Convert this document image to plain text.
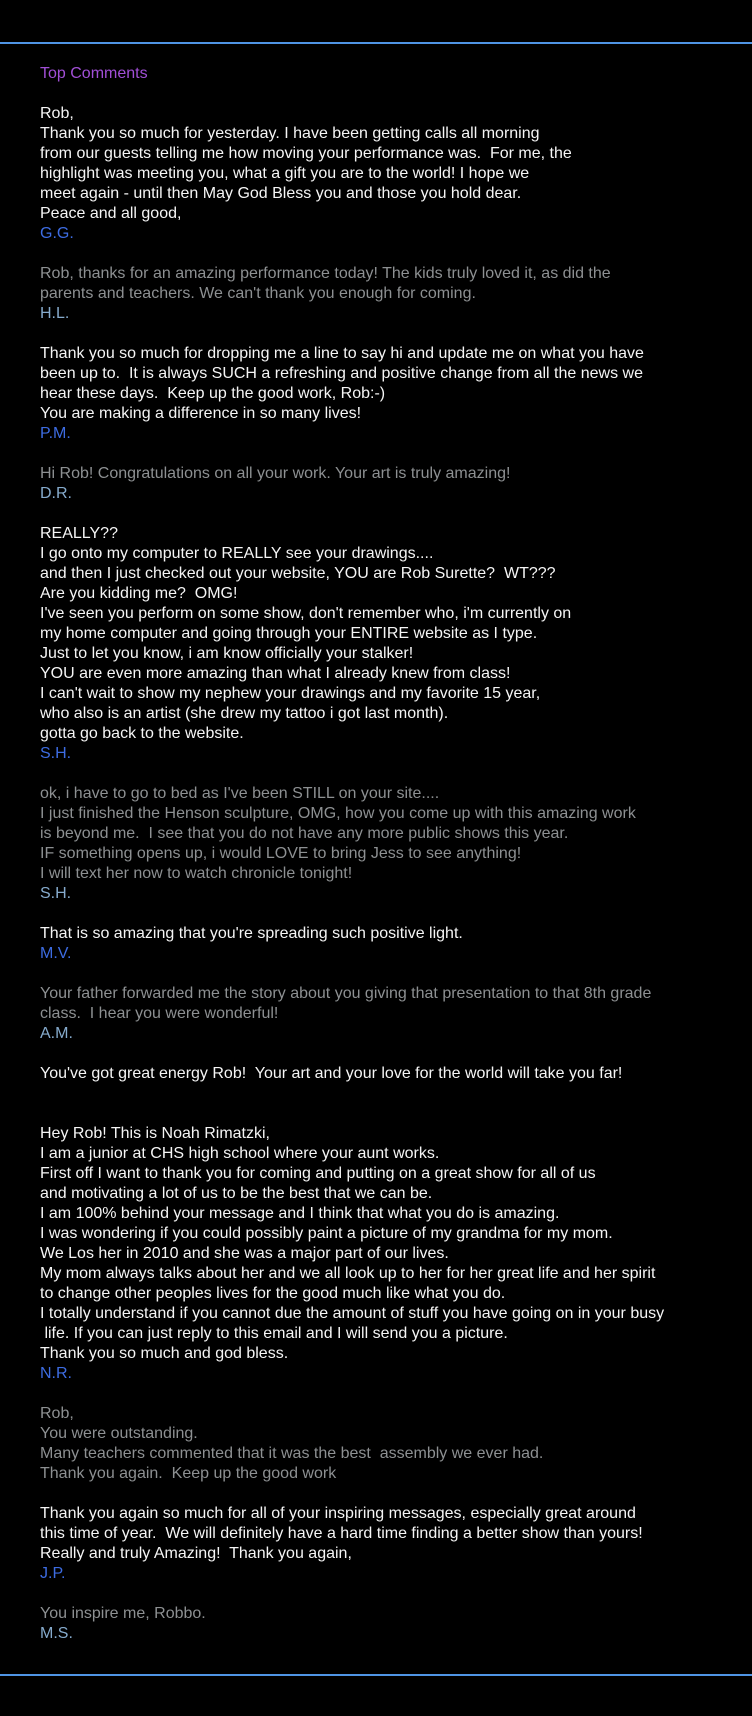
Top Comments
Rob,
Thank you so much for yesterday. I have been getting calls all morning
from our guests telling me how moving your performance was.  For me, the
highlight was meeting you, what a gift you are to the world! I hope we
meet again - until then May God Bless you and those you hold dear.
Peace and all good,
G.G.
Rob, thanks for an amazing performance today! The kids truly loved it, as did the
parents and teachers. We can't thank you enough for coming.
H.L.
Thank you so much for dropping me a line to say hi and update me on what you have
been up to.  It is always SUCH a refreshing and positive change from all the news we
hear these days.  Keep up the good work, Rob:-)
You are making a difference in so many lives!
P.M.
Hi Rob! Congratulations on all your work. Your art is truly amazing!
D.R.
REALLY??
I go onto my computer to REALLY see your drawings....
and then I just checked out your website, YOU are Rob Surette?  WT???
Are you kidding me?  OMG!
I've seen you perform on some show, don't remember who, i'm currently on
my home computer and going through your ENTIRE website as I type.
Just to let you know, i am know officially your stalker!
YOU are even more amazing than what I already knew from class!
I can't wait to show my nephew your drawings and my favorite 15 year,
who also is an artist (she drew my tattoo i got last month).
gotta go back to the website.
S.H.
ok, i have to go to bed as I've been STILL on your site....
I just finished the Henson sculpture, OMG, how you come up with this amazing work
is beyond me.  I see that you do not have any more public shows this year.
IF something opens up, i would LOVE to bring Jess to see anything!
I will text her now to watch chronicle tonight!
S.H.
That is so amazing that you're spreading such positive light.
M.V.
Your father forwarded me the story about you giving that presentation to that 8th grade
class.  I hear you were wonderful!
A.M.
You've got great energy Rob!  Your art and your love for the world will take you far!
Hey Rob! This is Noah Rimatzki,
I am a junior at CHS high school where your aunt works.
First off I want to thank you for coming and putting on a great show for all of us
and motivating a lot of us to be the best that we can be.
I am 100% behind your message and I think that what you do is amazing.
I was wondering if you could possibly paint a picture of my grandma for my mom.
We Los her in 2010 and she was a major part of our lives.
My mom always talks about her and we all look up to her for her great life and her spirit
to change other peoples lives for the good much like what you do.
I totally understand if you cannot due the amount of stuff you have going on in your busy
life. If you can just reply to this email and I will send you a picture.
Thank you so much and god bless.
N.R.
Rob,
You were outstanding.
Many teachers commented that it was the best  assembly we ever had.
Thank you again.  Keep up the good work
Thank you again so much for all of your inspiring messages, especially great around
this time of year.  We will definitely have a hard time finding a better show than yours!
Really and truly Amazing!  Thank you again,
J.P.
You inspire me, Robbo.
M.S.
